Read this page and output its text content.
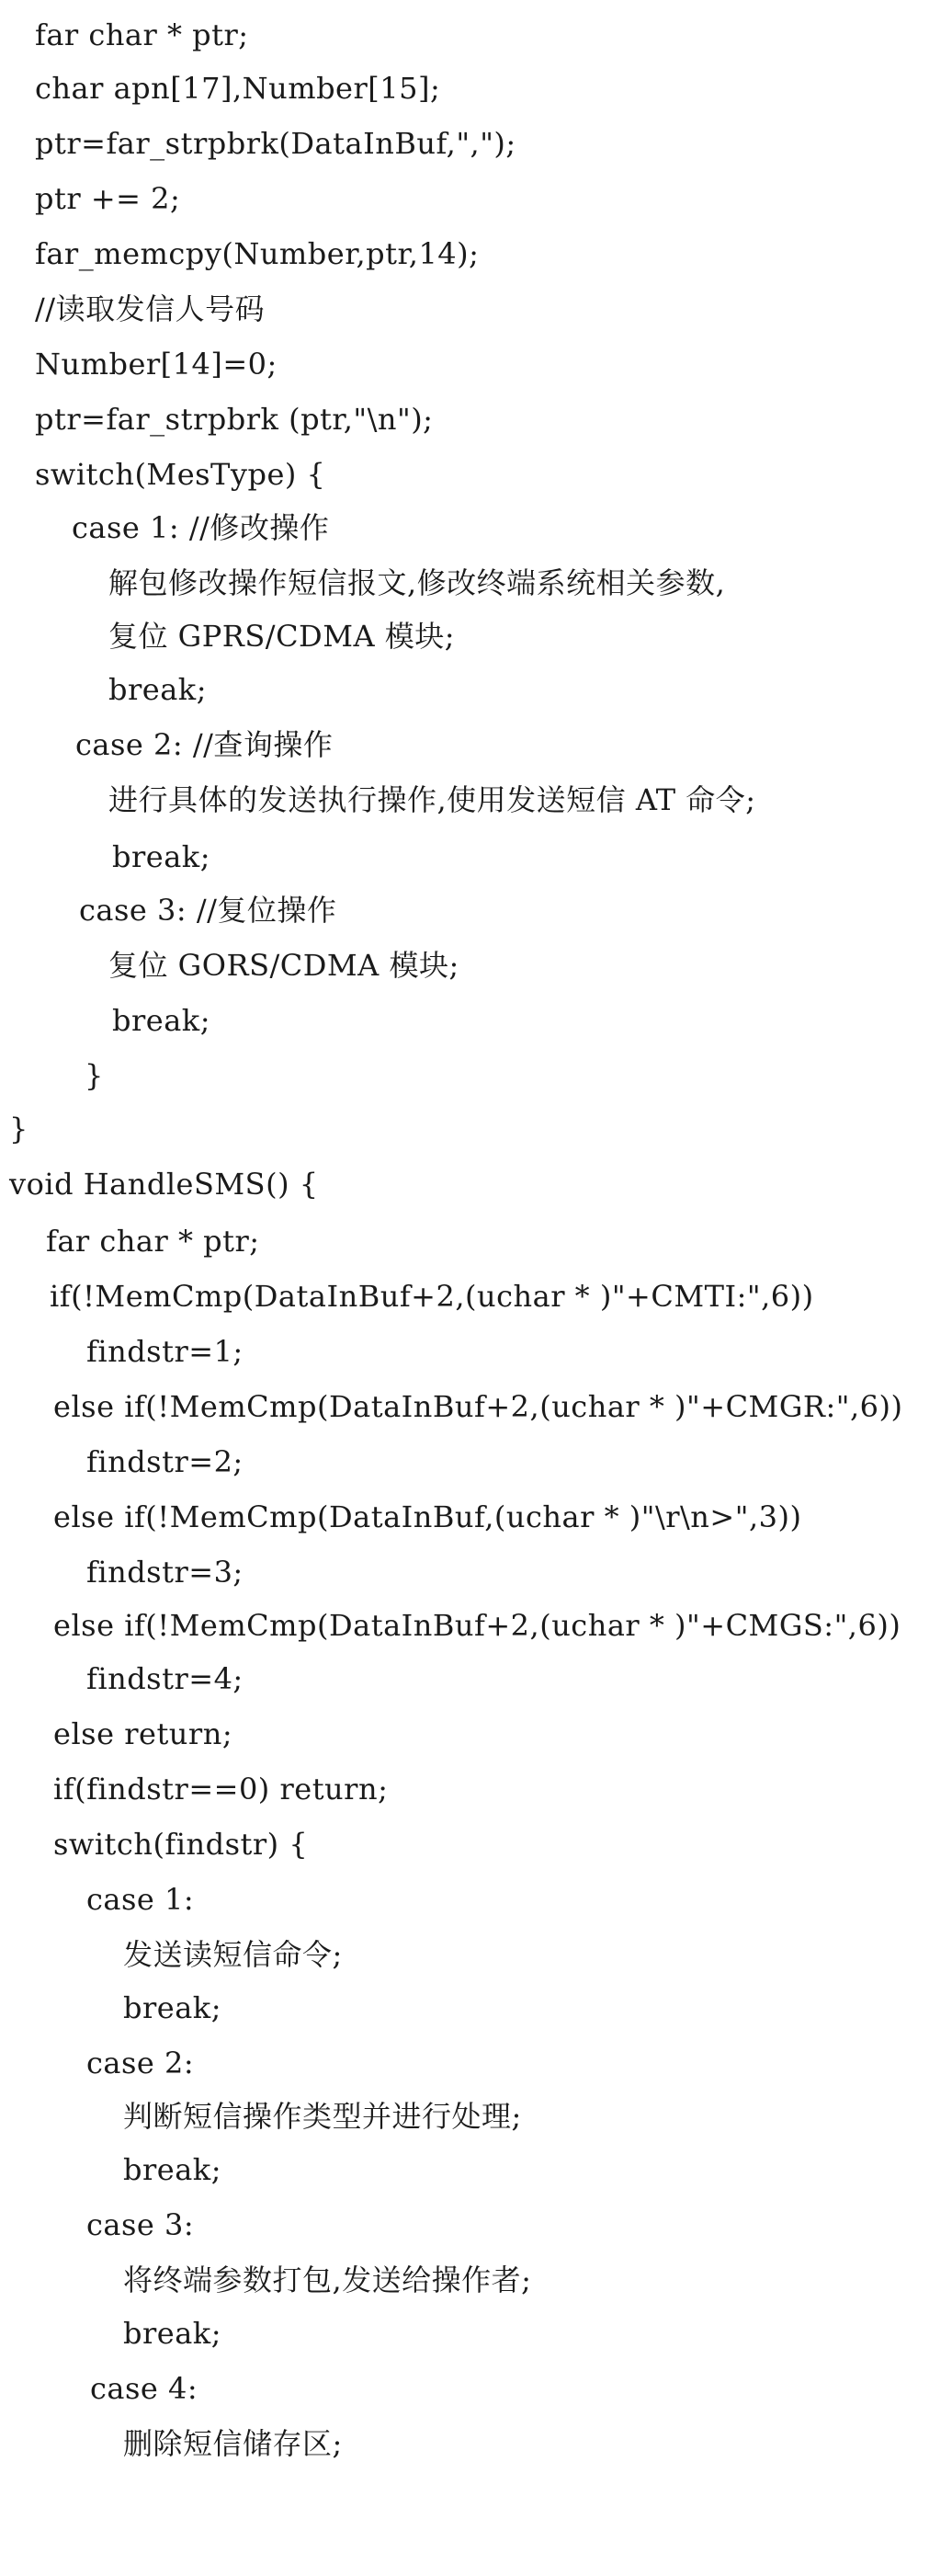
far char * ptr;
char apn[17],Number[15];
ptr=far_strpbrk(DataInBuf,",");
ptr += 2;
far_memcpy(Number,ptr,14);
//读取发信人号码
Number[14]=0;
ptr=far_strpbrk (ptr,"\n");
switch(MesType) {
case 1: //修改操作
解包修改操作短信报文,修改终端系统相关参数,
复位 GPRS/CDMA 模块;
break;
case 2: //查询操作
进行具体的发送执行操作,使用发送短信 AT 命令;
break;
case 3: //复位操作
复位 GORS/CDMA 模块;
break;
}
}
void HandleSMS() {
far char * ptr;
if(!MemCmp(DataInBuf+2,(uchar * )"+CMTI:",6))
findstr=1;
else if(!MemCmp(DataInBuf+2,(uchar * )"+CMGR:",6))
findstr=2;
else if(!MemCmp(DataInBuf,(uchar * )"\r\n>",3))
findstr=3;
else if(!MemCmp(DataInBuf+2,(uchar * )"+CMGS:",6))
findstr=4;
else return;
if(findstr==0) return;
switch(findstr) {
case 1:
发送读短信命令;
break;
case 2:
判断短信操作类型并进行处理;
break;
case 3:
将终端参数打包,发送给操作者;
break;
case 4:
删除短信储存区;
